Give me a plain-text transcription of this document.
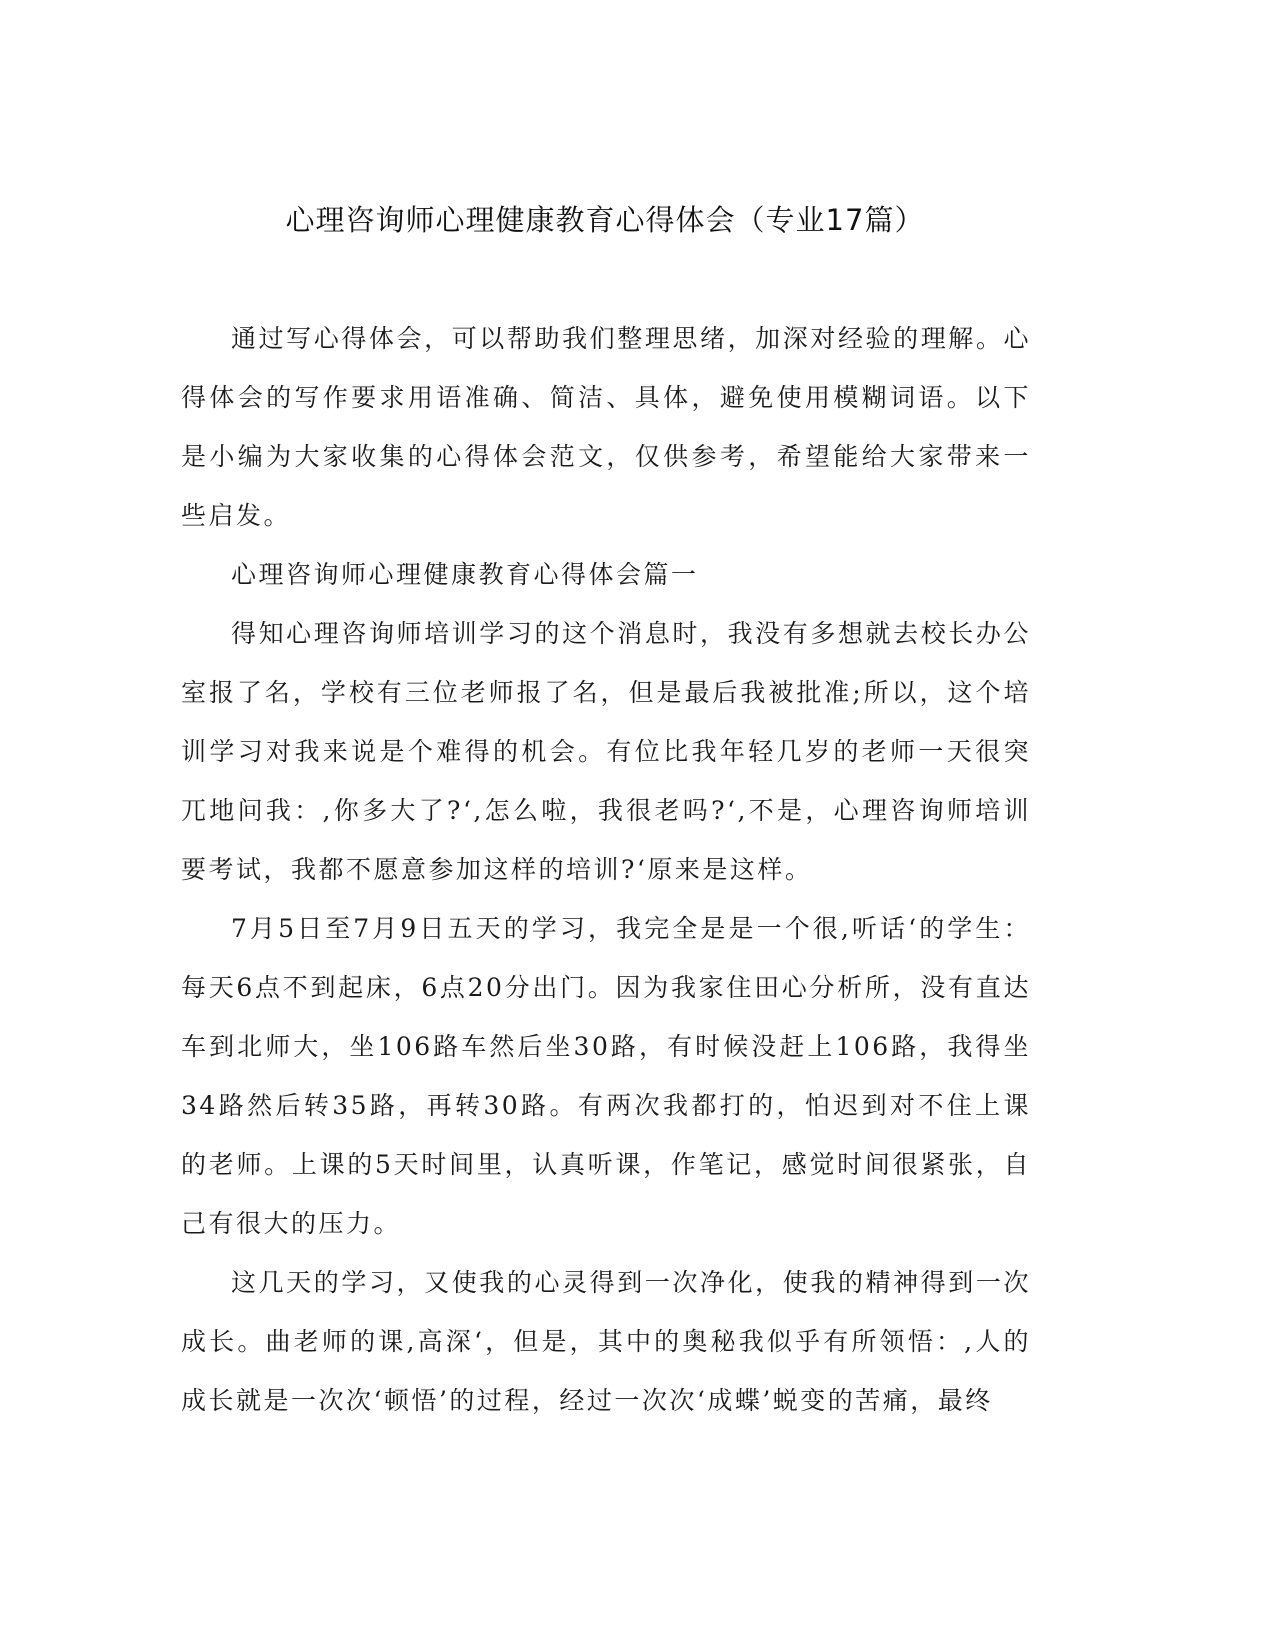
心理咨询师心理健康教育心得体会（专业17篇）

通过写心得体会，可以帮助我们整理思绪，加深对经验的理解。心得体会的写作要求用语准确、简洁、具体，避免使用模糊词语。以下是小编为大家收集的心得体会范文，仅供参考，希望能给大家带来一些启发。

心理咨询师心理健康教育心得体会篇一

得知心理咨询师培训学习的这个消息时，我没有多想就去校长办公室报了名，学校有三位老师报了名，但是最后我被批准;所以，这个培训学习对我来说是个难得的机会。有位比我年轻几岁的老师一天很突兀地问我：,你多大了?‘,怎么啦，我很老吗?‘,不是，心理咨询师培训要考试，我都不愿意参加这样的培训?‘原来是这样。

7月5日至7月9日五天的学习，我完全是是一个很,听话‘的学生：每天6点不到起床，6点20分出门。因为我家住田心分析所，没有直达车到北师大，坐106路车然后坐30路，有时候没赶上106路，我得坐34路然后转35路，再转30路。有两次我都打的，怕迟到对不住上课的老师。上课的5天时间里，认真听课，作笔记，感觉时间很紧张，自己有很大的压力。

这几天的学习，又使我的心灵得到一次净化，使我的精神得到一次成长。曲老师的课,高深‘，但是，其中的奥秘我似乎有所领悟：,人的成长就是一次次‘顿悟’的过程，经过一次次‘成蝶’蜕变的苦痛，最终
